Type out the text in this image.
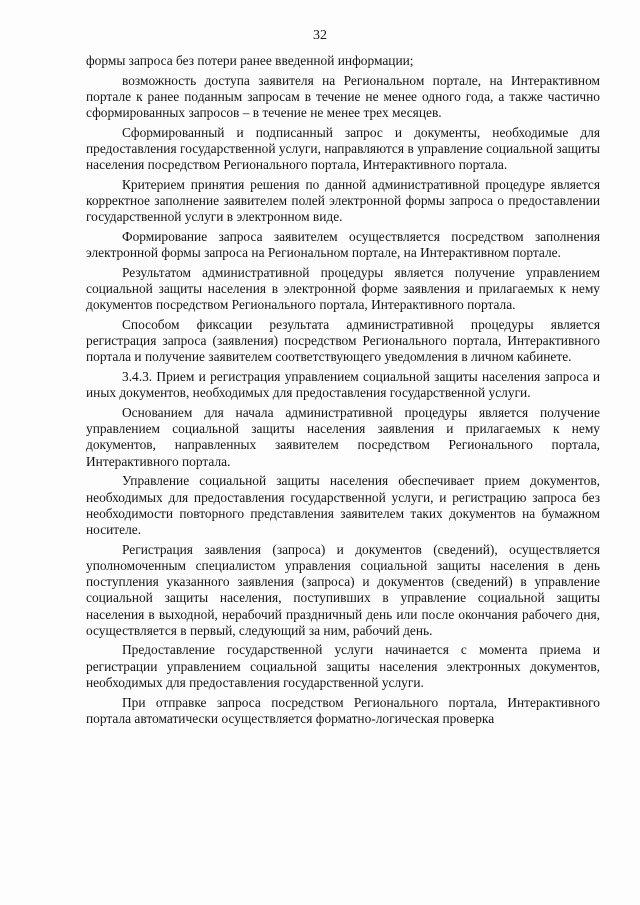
32

формы запроса без потери ранее введенной информации;

возможность доступа заявителя на Региональном портале, на Интерактивном портале к ранее поданным запросам в течение не менее одного года, а также частично сформированных запросов – в течение не менее трех месяцев.

Сформированный и подписанный запрос и документы, необходимые для предоставления государственной услуги, направляются в управление социальной защиты населения посредством Регионального портала, Интерактивного портала.

Критерием принятия решения по данной административной процедуре является корректное заполнение заявителем полей электронной формы запроса о предоставлении государственной услуги в электронном виде.

Формирование запроса заявителем осуществляется посредством заполнения электронной формы запроса на Региональном портале, на Интерактивном портале.

Результатом административной процедуры является получение управлением социальной защиты населения в электронной форме заявления и прилагаемых к нему документов посредством Регионального портала, Интерактивного портала.

Способом фиксации результата административной процедуры является регистрация запроса (заявления) посредством Регионального портала, Интерактивного портала и получение заявителем соответствующего уведомления в личном кабинете.

3.4.3. Прием и регистрация управлением социальной защиты населения запроса и иных документов, необходимых для предоставления государственной услуги.

Основанием для начала административной процедуры является получение управлением социальной защиты населения заявления и прилагаемых к нему документов, направленных заявителем посредством Регионального портала, Интерактивного портала.

Управление социальной защиты населения обеспечивает прием документов, необходимых для предоставления государственной услуги, и регистрацию запроса без необходимости повторного представления заявителем таких документов на бумажном носителе.

Регистрация заявления (запроса) и документов (сведений), осуществляется уполномоченным специалистом управления социальной защиты населения в день поступления указанного заявления (запроса) и документов (сведений) в управление социальной защиты населения, поступивших в управление социальной защиты населения в выходной, нерабочий праздничный день или после окончания рабочего дня, осуществляется в первый, следующий за ним, рабочий день.

Предоставление государственной услуги начинается с момента приема и регистрации управлением социальной защиты населения электронных документов, необходимых для предоставления государственной услуги.

При отправке запроса посредством Регионального портала, Интерактивного портала автоматически осуществляется форматно-логическая проверка
